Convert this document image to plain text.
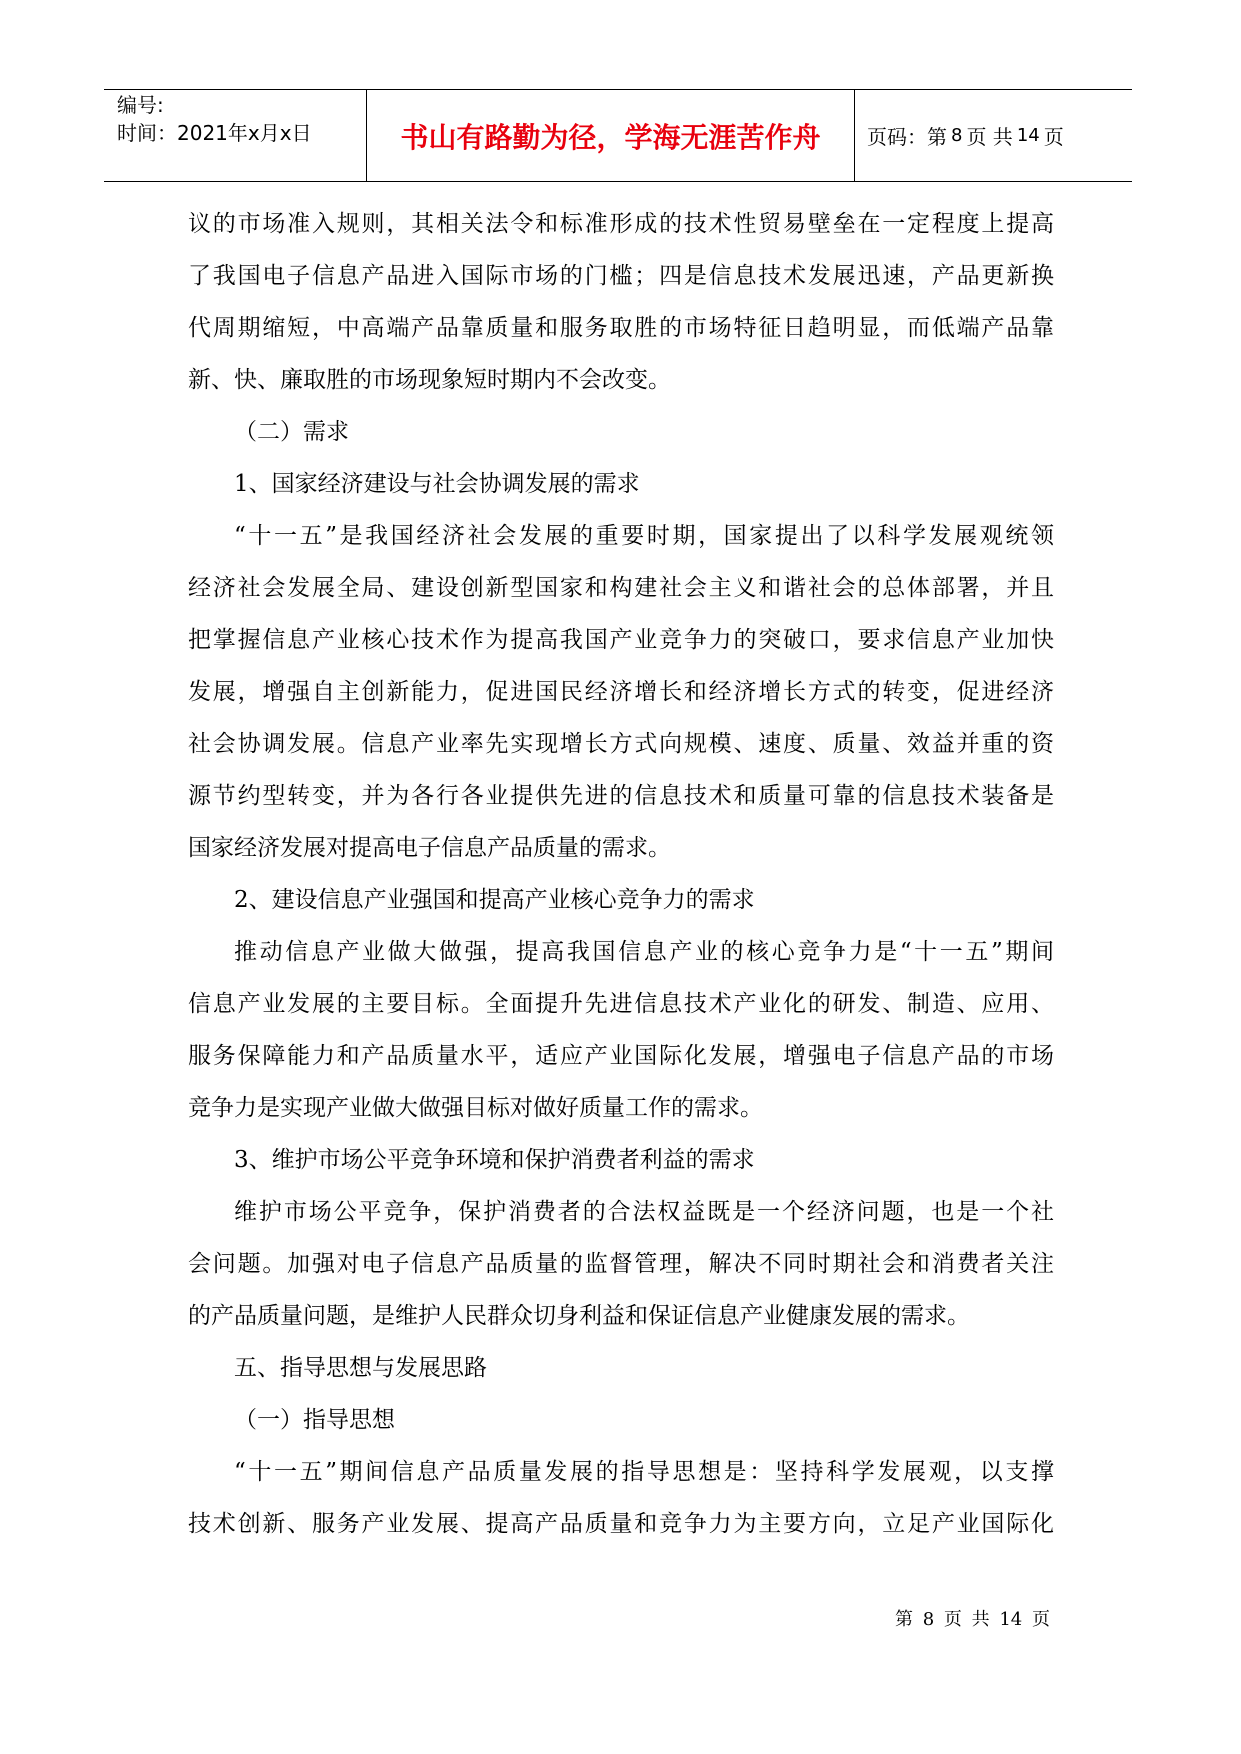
编号:
时间：2021年x月x日	书山有路勤为径，学海无涯苦作舟 页码：第 8 页 共 14 页
议的市场准入规则，其相关法令和标准形成的技术性贸易壁垒在一定程度上提高
了我国电子信息产品进入国际市场的门槛；四是信息技术发展迅速，产品更新换
代周期缩短，中高端产品靠质量和服务取胜的市场特征日趋明显，而低端产品靠
新、快、廉取胜的市场现象短时期内不会改变。
（二）需求
1、国家经济建设与社会协调发展的需求
“十一五”是我国经济社会发展的重要时期，国家提出了以科学发展观统领
经济社会发展全局、建设创新型国家和构建社会主义和谐社会的总体部署，并且
把掌握信息产业核心技术作为提高我国产业竞争力的突破口，要求信息产业加快
发展，增强自主创新能力，促进国民经济增长和经济增长方式的转变，促进经济
社会协调发展。信息产业率先实现增长方式向规模、速度、质量、效益并重的资
源节约型转变，并为各行各业提供先进的信息技术和质量可靠的信息技术装备是
国家经济发展对提高电子信息产品质量的需求。
2、建设信息产业强国和提高产业核心竞争力的需求
推动信息产业做大做强，提高我国信息产业的核心竞争力是“十一五”期间
信息产业发展的主要目标。全面提升先进信息技术产业化的研发、制造、应用、
服务保障能力和产品质量水平，适应产业国际化发展，增强电子信息产品的市场
竞争力是实现产业做大做强目标对做好质量工作的需求。
3、维护市场公平竞争环境和保护消费者利益的需求
维护市场公平竞争，保护消费者的合法权益既是一个经济问题，也是一个社
会问题。加强对电子信息产品质量的监督管理，解决不同时期社会和消费者关注
的产品质量问题，是维护人民群众切身利益和保证信息产业健康发展的需求。
五、指导思想与发展思路
（一）指导思想
“十一五”期间信息产品质量发展的指导思想是：坚持科学发展观，以支撑
技术创新、服务产业发展、提高产品质量和竞争力为主要方向，立足产业国际化
第 8 页 共 14 页
